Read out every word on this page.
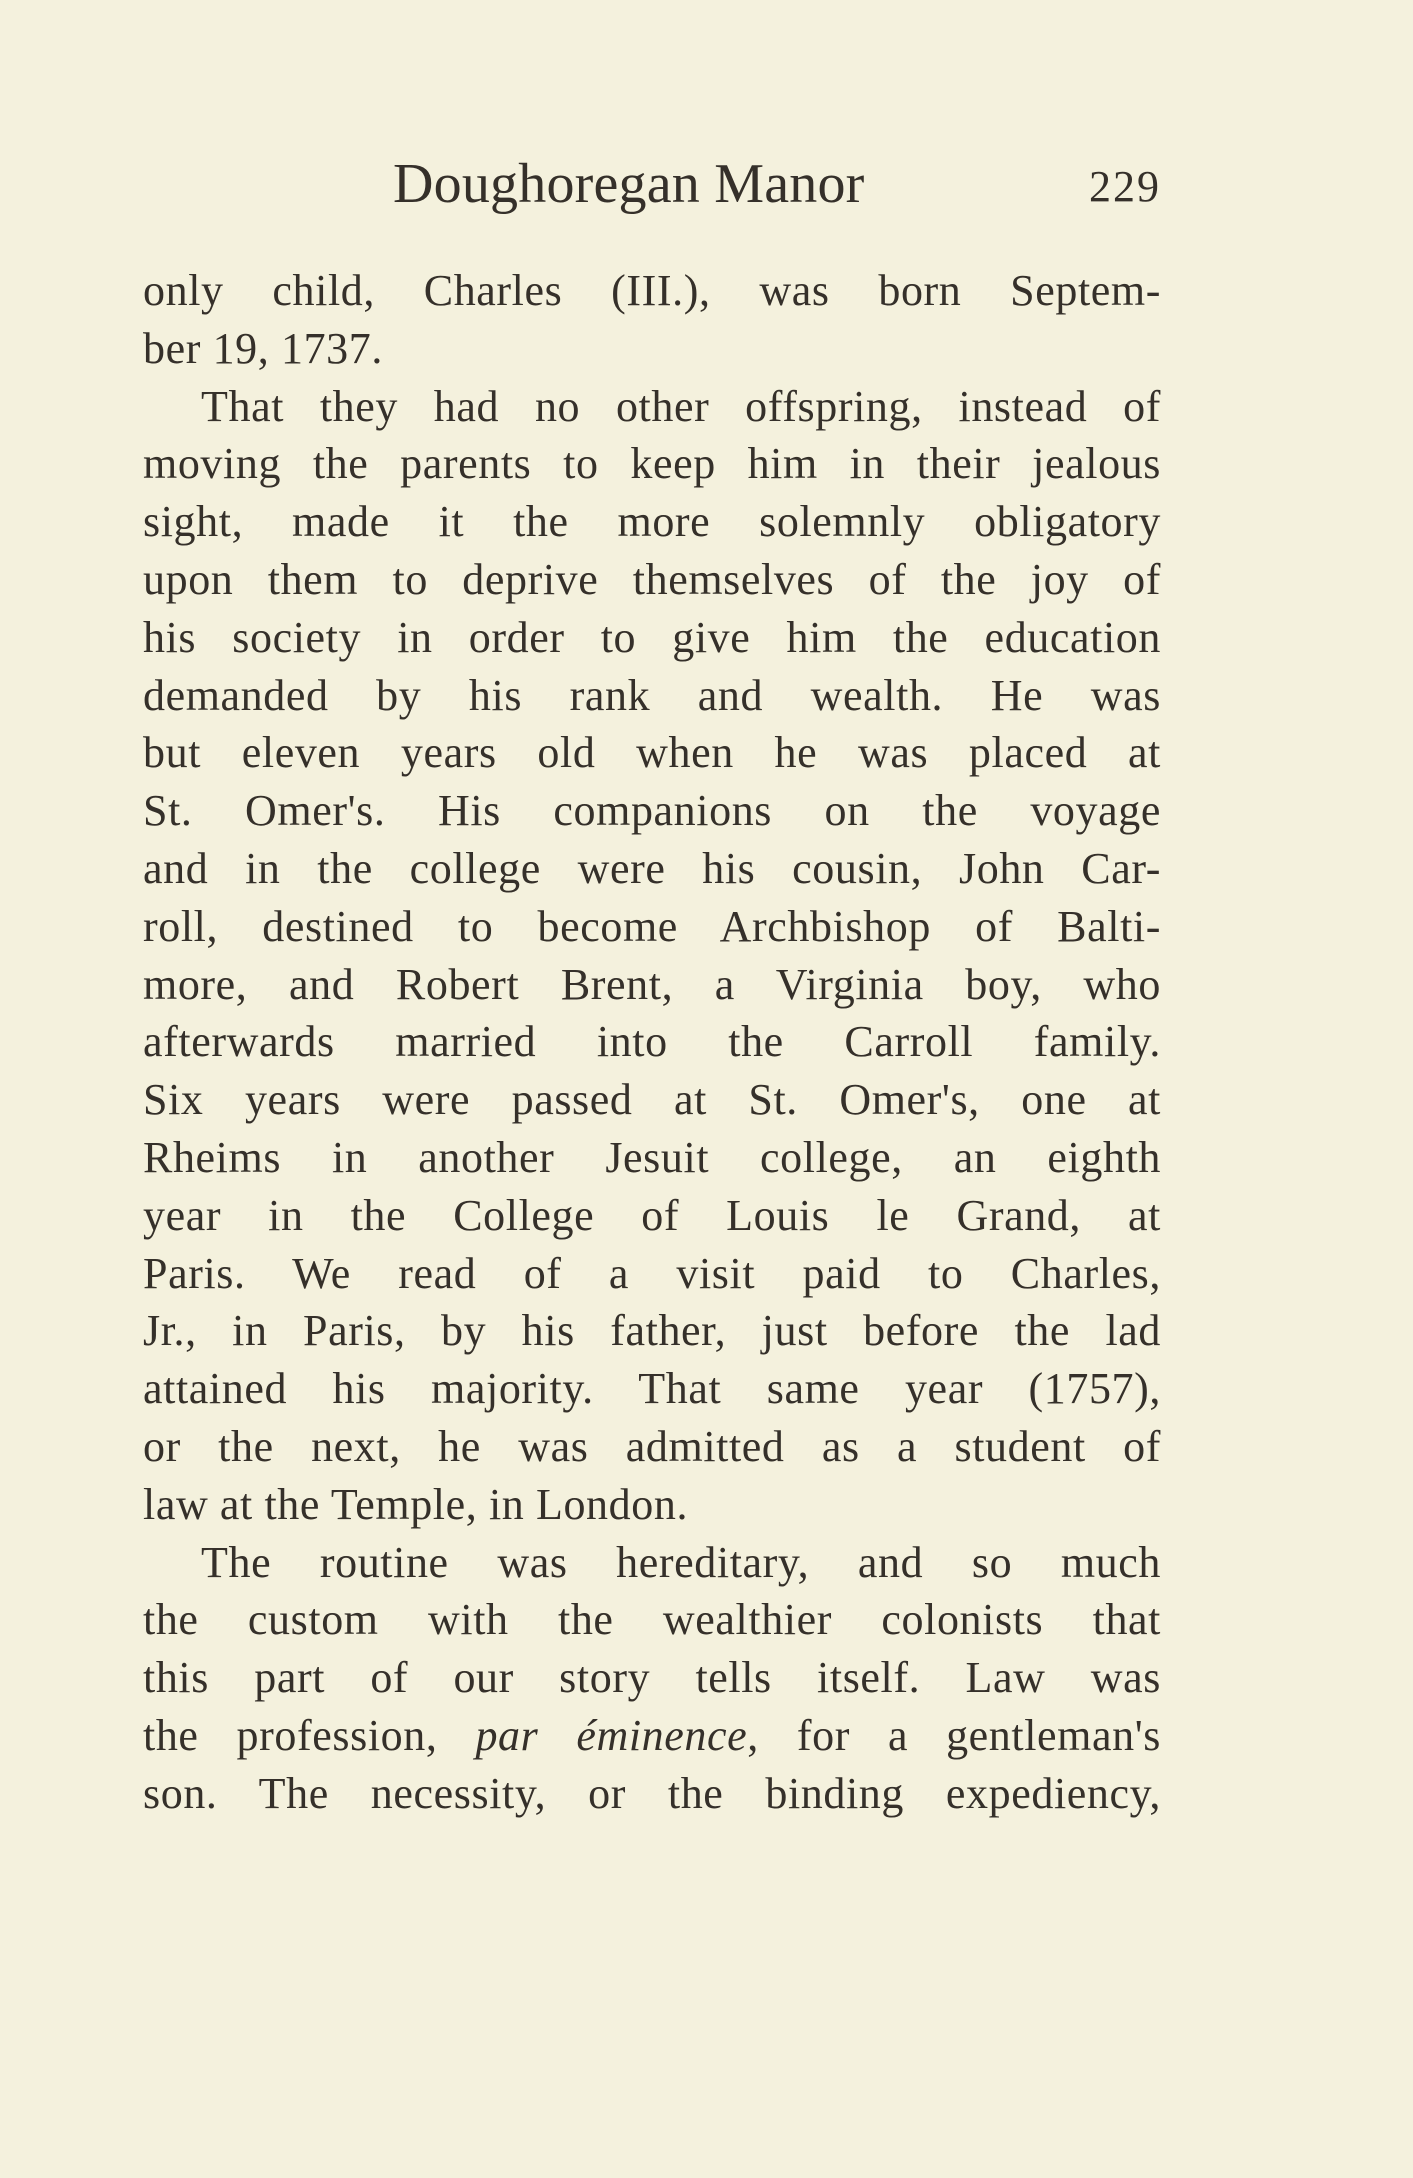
Doughoregan Manor	229
only child, Charles (III.), was born Septem-
ber 19, 1737.
That they had no other offspring, instead of
moving the parents to keep him in their jealous
sight, made it the more solemnly obligatory
upon them to deprive themselves of the joy of
his society in order to give him the education
demanded by his rank and wealth. He was
but eleven years old when he was placed at
St. Omer's. His companions on the voyage
and in the college were his cousin, John Car-
roll, destined to become Archbishop of Balti-
more, and Robert Brent, a Virginia boy, who
afterwards married into the Carroll family.
Six years were passed at St. Omer's, one at
Rheims in another Jesuit college, an eighth
year in the College of Louis le Grand, at
Paris. We read of a visit paid to Charles,
Jr., in Paris, by his father, just before the lad
attained his majority. That same year (1757),
or the next, he was admitted as a student of
law at the Temple, in London.
The routine was hereditary, and so much
the custom with the wealthier colonists that
this part of our story tells itself. Law was
the profession, par éminence, for a gentleman's
son. The necessity, or the binding expediency,
